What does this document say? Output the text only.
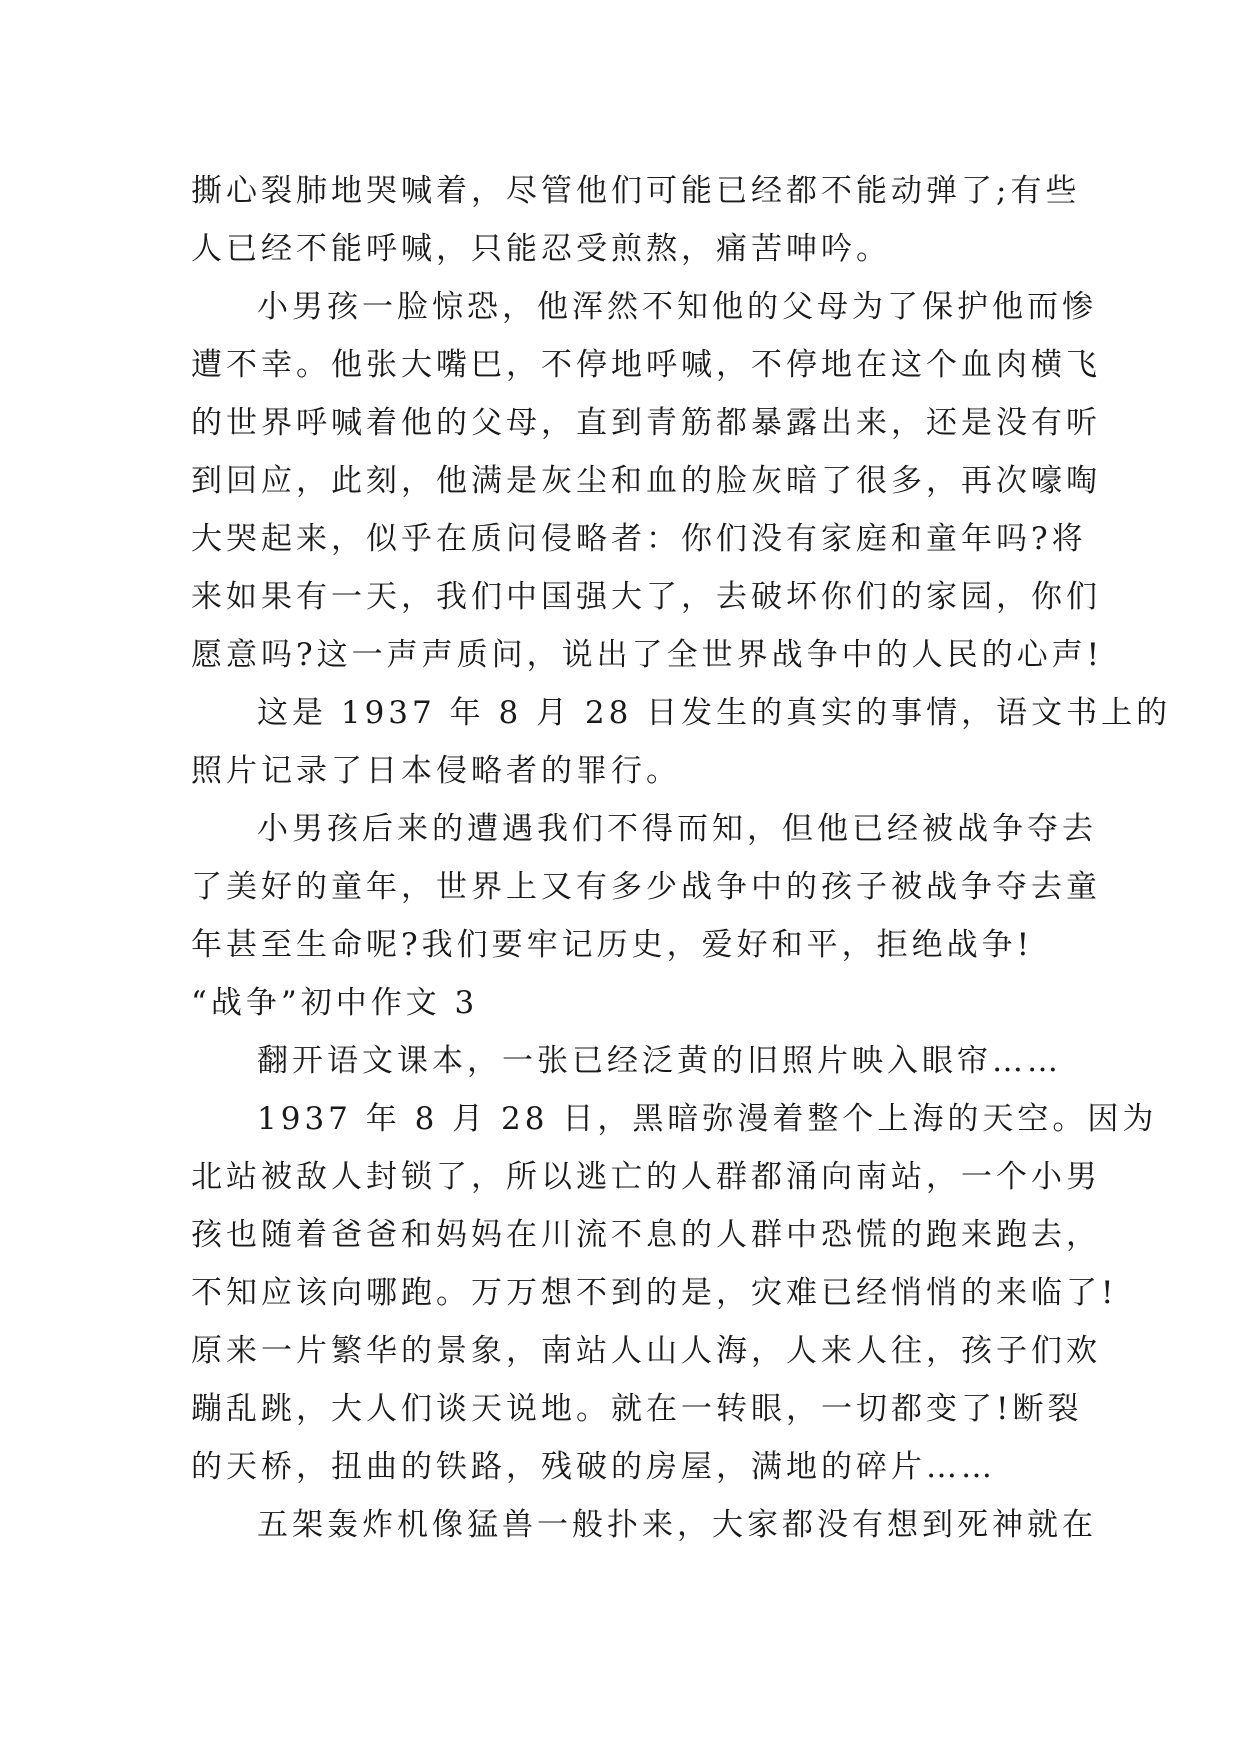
撕心裂肺地哭喊着，尽管他们可能已经都不能动弹了;有些
人已经不能呼喊，只能忍受煎熬，痛苦呻吟。
小男孩一脸惊恐，他浑然不知他的父母为了保护他而惨
遭不幸。他张大嘴巴，不停地呼喊，不停地在这个血肉横飞
的世界呼喊着他的父母，直到青筋都暴露出来，还是没有听
到回应，此刻，他满是灰尘和血的脸灰暗了很多，再次嚎啕
大哭起来，似乎在质问侵略者：你们没有家庭和童年吗?将
来如果有一天，我们中国强大了，去破坏你们的家园，你们
愿意吗?这一声声质问，说出了全世界战争中的人民的心声!
这是 1937 年 8 月 28 日发生的真实的事情，语文书上的
照片记录了日本侵略者的罪行。
小男孩后来的遭遇我们不得而知，但他已经被战争夺去
了美好的童年，世界上又有多少战争中的孩子被战争夺去童
年甚至生命呢?我们要牢记历史，爱好和平，拒绝战争!
“战争”初中作文 3
翻开语文课本，一张已经泛黄的旧照片映入眼帘……
1937 年 8 月 28 日，黑暗弥漫着整个上海的天空。因为
北站被敌人封锁了，所以逃亡的人群都涌向南站，一个小男
孩也随着爸爸和妈妈在川流不息的人群中恐慌的跑来跑去，
不知应该向哪跑。万万想不到的是，灾难已经悄悄的来临了!
原来一片繁华的景象，南站人山人海，人来人往，孩子们欢
蹦乱跳，大人们谈天说地。就在一转眼，一切都变了!断裂
的天桥，扭曲的铁路，残破的房屋，满地的碎片……
五架轰炸机像猛兽一般扑来，大家都没有想到死神就在
